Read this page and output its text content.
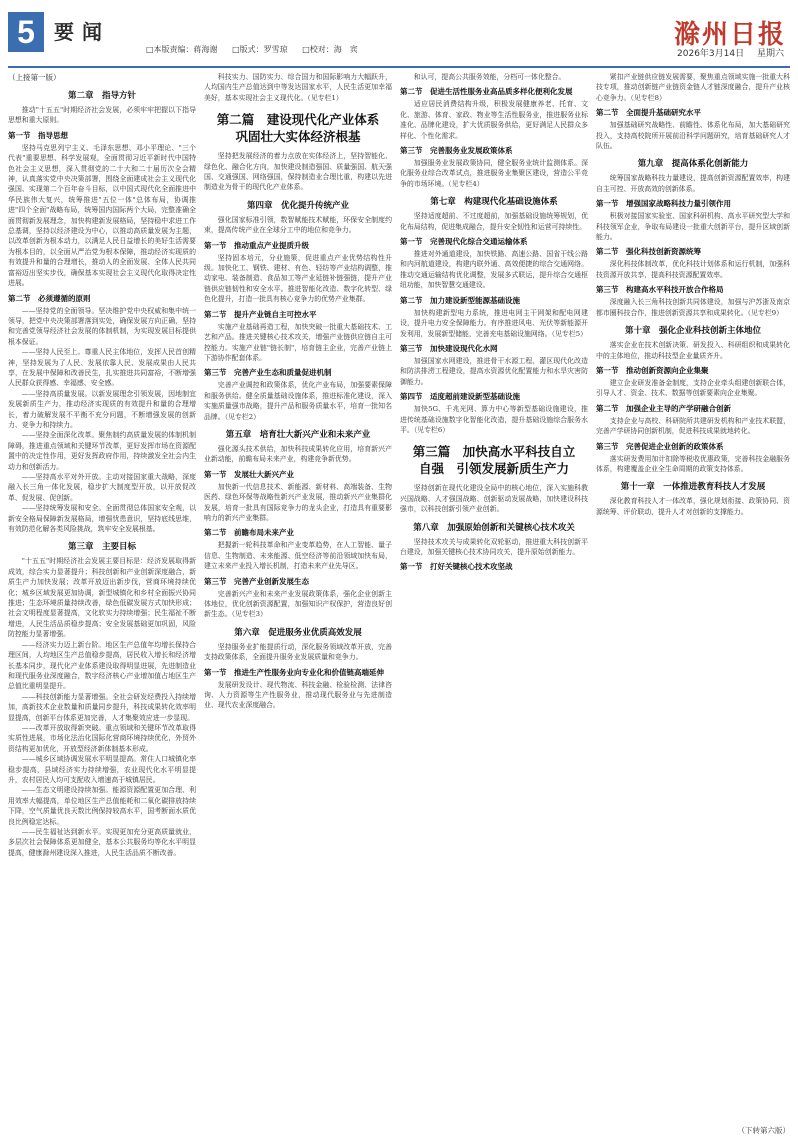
5 要闻
□本版责编：蒋海谢 □版式：罗雪琼 □校对：海　宾	滁州日报
2026年3月14日 星期六
（上接第一版）
第二章　指导方针
推动"十五五"时期经济社会发展，必须牢牢把握以下指导思想和重大原则。
第一节　指导思想
坚持马克思列宁主义、毛泽东思想、邓小平理论、"三个代表"重要思想、科学发展观，全面贯彻习近平新时代中国特色社会主义思想，深入贯彻党的二十大和二十届历次全会精神，认真落实党中央决策部署，围绕全面建成社会主义现代化强国、实现第二个百年奋斗目标，以中国式现代化全面推进中华民族伟大复兴，统筹推进"五位一体"总体布局，协调推进"四个全面"战略布局，统筹国内国际两个大局，完整准确全面贯彻新发展理念，加快构建新发展格局，坚持稳中求进工作总基调，坚持以经济建设为中心，以推动高质量发展为主题，以改革创新为根本动力，以满足人民日益增长的美好生活需要为根本目的，以全面从严治党为根本保障，推动经济实现质的有效提升和量的合理增长，推动人的全面发展、全体人民共同富裕迈出坚实步伐，确保基本实现社会主义现代化取得决定性进展。
第二节　必须遵循的原则
——坚持党的全面领导。坚决维护党中央权威和集中统一领导，把党中央决策部署落到实处，确保发展方向正确，坚持和完善党领导经济社会发展的体制机制，为实现发展目标提供根本保证。
——坚持人民至上。尊重人民主体地位，发挥人民首创精神，坚持发展为了人民、发展依靠人民、发展成果由人民共享，在发展中保障和改善民生，扎实推进共同富裕，不断增强人民群众获得感、幸福感、安全感。
——坚持高质量发展。以新发展理念引领发展，因地制宜发展新质生产力，推动经济实现质的有效提升和量的合理增长，着力破解发展不平衡不充分问题，不断增强发展的创新力、竞争力和持续力。
——坚持全面深化改革。聚焦制约高质量发展的体制机制障碍，推进重点领域和关键环节改革，更好发挥市场在资源配置中的决定性作用，更好发挥政府作用，持续激发全社会内生动力和创新活力。
——坚持高水平对外开放。主动对接国家重大战略，深度融入长三角一体化发展，稳步扩大制度型开放，以开放促改革、促发展、促创新。
——坚持统筹发展和安全。全面贯彻总体国家安全观，以新安全格局保障新发展格局，增强忧患意识，坚持底线思维，有效防范化解各类风险挑战，筑牢安全发展根基。
第三章　主要目标
"十五五"时期经济社会发展主要目标是：经济发展取得新成效，综合实力显著提升；科技创新和产业创新深度融合，新质生产力加快发展；改革开放迈出新步伐，营商环境持续优化；城乡区域发展更加协调，新型城镇化和乡村全面振兴协同推进；生态环境质量持续改善，绿色低碳发展方式加快形成；社会文明程度显著提高，文化软实力持续增强；民生福祉不断增进，人民生活品质稳步提高；安全发展基础更加巩固，风险防控能力显著增强。
——经济实力迈上新台阶。地区生产总值年均增长保持合理区间，人均地区生产总值稳步提高，居民收入增长和经济增长基本同步，现代化产业体系建设取得明显进展，先进制造业和现代服务业深度融合，数字经济核心产业增加值占地区生产总值比重明显提升。
——科技创新能力显著增强。全社会研发经费投入持续增加，高新技术企业数量和质量同步提升，科技成果转化效率明显提高，创新平台体系更加完善，人才集聚效应进一步显现。
——改革开放取得新突破。重点领域和关键环节改革取得实质性进展，市场化法治化国际化营商环境持续优化，外贸外资结构更加优化，开放型经济新体制基本形成。
——城乡区域协调发展水平明显提高。常住人口城镇化率稳步提高，县域经济实力持续增强，农业现代化水平明显提升，农村居民人均可支配收入增速高于城镇居民。
——生态文明建设持续加强。能源资源配置更加合理、利用效率大幅提高，单位地区生产总值能耗和二氧化碳排放持续下降，空气质量优良天数比例保持较高水平，国考断面水质优良比例稳定达标。
——民生福祉达到新水平。实现更加充分更高质量就业，多层次社会保障体系更加健全，基本公共服务均等化水平明显提高，健康滁州建设深入推进，人民生活品质不断改善。
科技实力、国防实力、综合国力和国际影响力大幅跃升，人均国内生产总值达到中等发达国家水平，人民生活更加幸福美好，基本实现社会主义现代化。（见专栏1）
第二篇　建设现代化产业体系
巩固壮大实体经济根基
坚持把发展经济的着力点放在实体经济上，坚持智能化、绿色化、融合化方向，加快建设制造强国、质量强国、航天强国、交通强国、网络强国，保持制造业合理比重，构建以先进制造业为骨干的现代化产业体系。
第四章　优化提升传统产业
强化国家标准引领，数智赋能技术赋能，环保安全制度约束，提高传统产业在全球分工中的地位和竞争力。
第一节　推动重点产业提质升级
坚持固本培元，分业施策，促进重点产业优势结构性升级。加快化工、钢铁、建材、有色、轻纺等产业结构调整，推动家电、装备制造、食品加工等产业延链补链强链，提升产业链供应链韧性和安全水平。推进智能化改造、数字化转型、绿色化提升，打造一批具有核心竞争力的优势产业集群。
第二节　提升产业链自主可控水平
实施产业基础再造工程，加快突破一批重大基础技术、工艺和产品。推进关键核心技术攻关，增强产业链供应链自主可控能力。实施产业链"链长制"，培育链主企业，完善产业链上下游协作配套体系。
第三节　完善产业生态和质量促进机制
完善产业调控和政策体系，优化产业布局，加强要素保障和服务供给。健全质量基础设施体系，推进标准化建设，深入实施质量强市战略，提升产品和服务质量水平，培育一批知名品牌。（见专栏2）
第五章　培育壮大新兴产业和未来产业
强化源头技术供给，加快科技成果转化应用，培育新兴产业新动能，前瞻布局未来产业，构建竞争新优势。
第一节　发展壮大新兴产业
加快新一代信息技术、新能源、新材料、高端装备、生物医药、绿色环保等战略性新兴产业发展，推动新兴产业集群化发展，培育一批具有国际竞争力的龙头企业，打造具有重要影响力的新兴产业集群。
第二节　前瞻布局未来产业
把握新一轮科技革命和产业变革趋势，在人工智能、量子信息、生物制造、未来能源、低空经济等前沿领域加快布局，建立未来产业投入增长机制，打造未来产业先导区。
第三节　完善产业创新发展生态
完善新兴产业和未来产业发展政策体系，强化企业创新主体地位，优化创新资源配置，加强知识产权保护，营造良好创新生态。（见专栏3）
第六章　促进服务业优质高效发展
坚持服务业扩能提质行动，深化服务领域改革开放，完善支持政策体系，全面提升服务业发展质量和竞争力。
第一节　推进生产性服务业向专业化和价值链高端延伸
发展研发设计、现代物流、科技金融、检验检测、法律咨询、人力资源等生产性服务业，推动现代服务业与先进制造业、现代农业深度融合。
和认可，提高公共服务效能，分档可一体化整合。
第二节　促进生活性服务业高品质多样化便利化发展
适应居民消费结构升级，积极发展健康养老、托育、文化、旅游、体育、家政、物业等生活性服务业，推进服务业标准化、品牌化建设，扩大优质服务供给，更好满足人民群众多样化、个性化需求。
第三节　完善服务业发展政策体系
加强服务业发展政策协同，健全服务业统计监测体系。深化服务业综合改革试点，推进服务业集聚区建设，营造公平竞争的市场环境。（见专栏4）
第七章　构建现代化基础设施体系
坚持适度超前、不过度超前，加强基础设施统筹规划，优化布局结构，促进集成融合，提升安全韧性和运营可持续性。
第一节　完善现代化综合交通运输体系
推进对外通道建设，加快铁路、高速公路、国省干线公路和内河航道建设，构建内联外通、高效便捷的综合交通网络。推动交通运输结构优化调整，发展多式联运，提升综合交通枢纽功能，加快智慧交通建设。
第二节　加力建设新型能源基础设施
加快构建新型电力系统，推进电网主干网架和配电网建设，提升电力安全保障能力。有序推进风电、光伏等新能源开发利用，发展新型储能，完善充电基础设施网络。（见专栏5）
第三节　加快建设现代化水网
加强国家水网建设，推进骨干水源工程、灌区现代化改造和防洪排涝工程建设，提高水资源优化配置能力和水旱灾害防御能力。
第四节　适度超前建设新型基础设施
加快5G、千兆光网、算力中心等新型基础设施建设，推进传统基础设施数字化智能化改造，提升基础设施综合服务水平。（见专栏6）
第三篇　加快高水平科技自立
自强　引领发展新质生产力
坚持创新在现代化建设全局中的核心地位，深入实施科教兴国战略、人才强国战略、创新驱动发展战略，加快建设科技强市，以科技创新引领产业创新。
第八章　加强原始创新和关键核心技术攻关
坚持技术攻关与成果转化双轮驱动，推进重大科技创新平台建设，加强关键核心技术协同攻关，提升原始创新能力。
第一节　打好关键核心技术攻坚战
紧扣产业链供应链发展需要，聚焦重点领域实施一批重大科技专项，推动创新链产业链资金链人才链深度融合，提升产业核心竞争力。（见专栏8）
第二节　全面提升基础研究水平
加强基础研究战略性、前瞻性、体系化布局，加大基础研究投入，支持高校院所开展前沿科学问题研究，培育基础研究人才队伍。
第九章　提高体系化创新能力
统筹国家战略科技力量建设，提高创新资源配置效率，构建自主可控、开放高效的创新体系。
第一节　增强国家战略科技力量引领作用
积极对接国家实验室、国家科研机构、高水平研究型大学和科技领军企业，争取布局建设一批重大创新平台，提升区域创新能力。
第二节　强化科技创新资源统筹
深化科技体制改革，优化科技计划体系和运行机制，加强科技资源开放共享，提高科技资源配置效率。
第三节　构建高水平科技开放合作格局
深度融入长三角科技创新共同体建设，加强与沪苏浙及南京都市圈科技合作，推进创新资源共享和成果转化。（见专栏9）
第十章　强化企业科技创新主体地位
落实企业在技术创新决策、研发投入、科研组织和成果转化中的主体地位，推动科技型企业量质齐升。
第一节　推动创新资源向企业集聚
建立企业研发准备金制度，支持企业牵头组建创新联合体，引导人才、资金、技术、数据等创新要素向企业集聚。
第二节　加强企业主导的产学研融合创新
支持企业与高校、科研院所共建研发机构和产业技术联盟，完善产学研协同创新机制，促进科技成果就地转化。
第三节　完善促进企业创新的政策体系
落实研发费用加计扣除等税收优惠政策，完善科技金融服务体系，构建覆盖企业全生命周期的政策支持体系。
第十一章　一体推进教育科技人才发展
深化教育科技人才一体改革，强化规划衔接、政策协同、资源统筹、评价联动，提升人才对创新的支撑能力。
（下转第六版）
